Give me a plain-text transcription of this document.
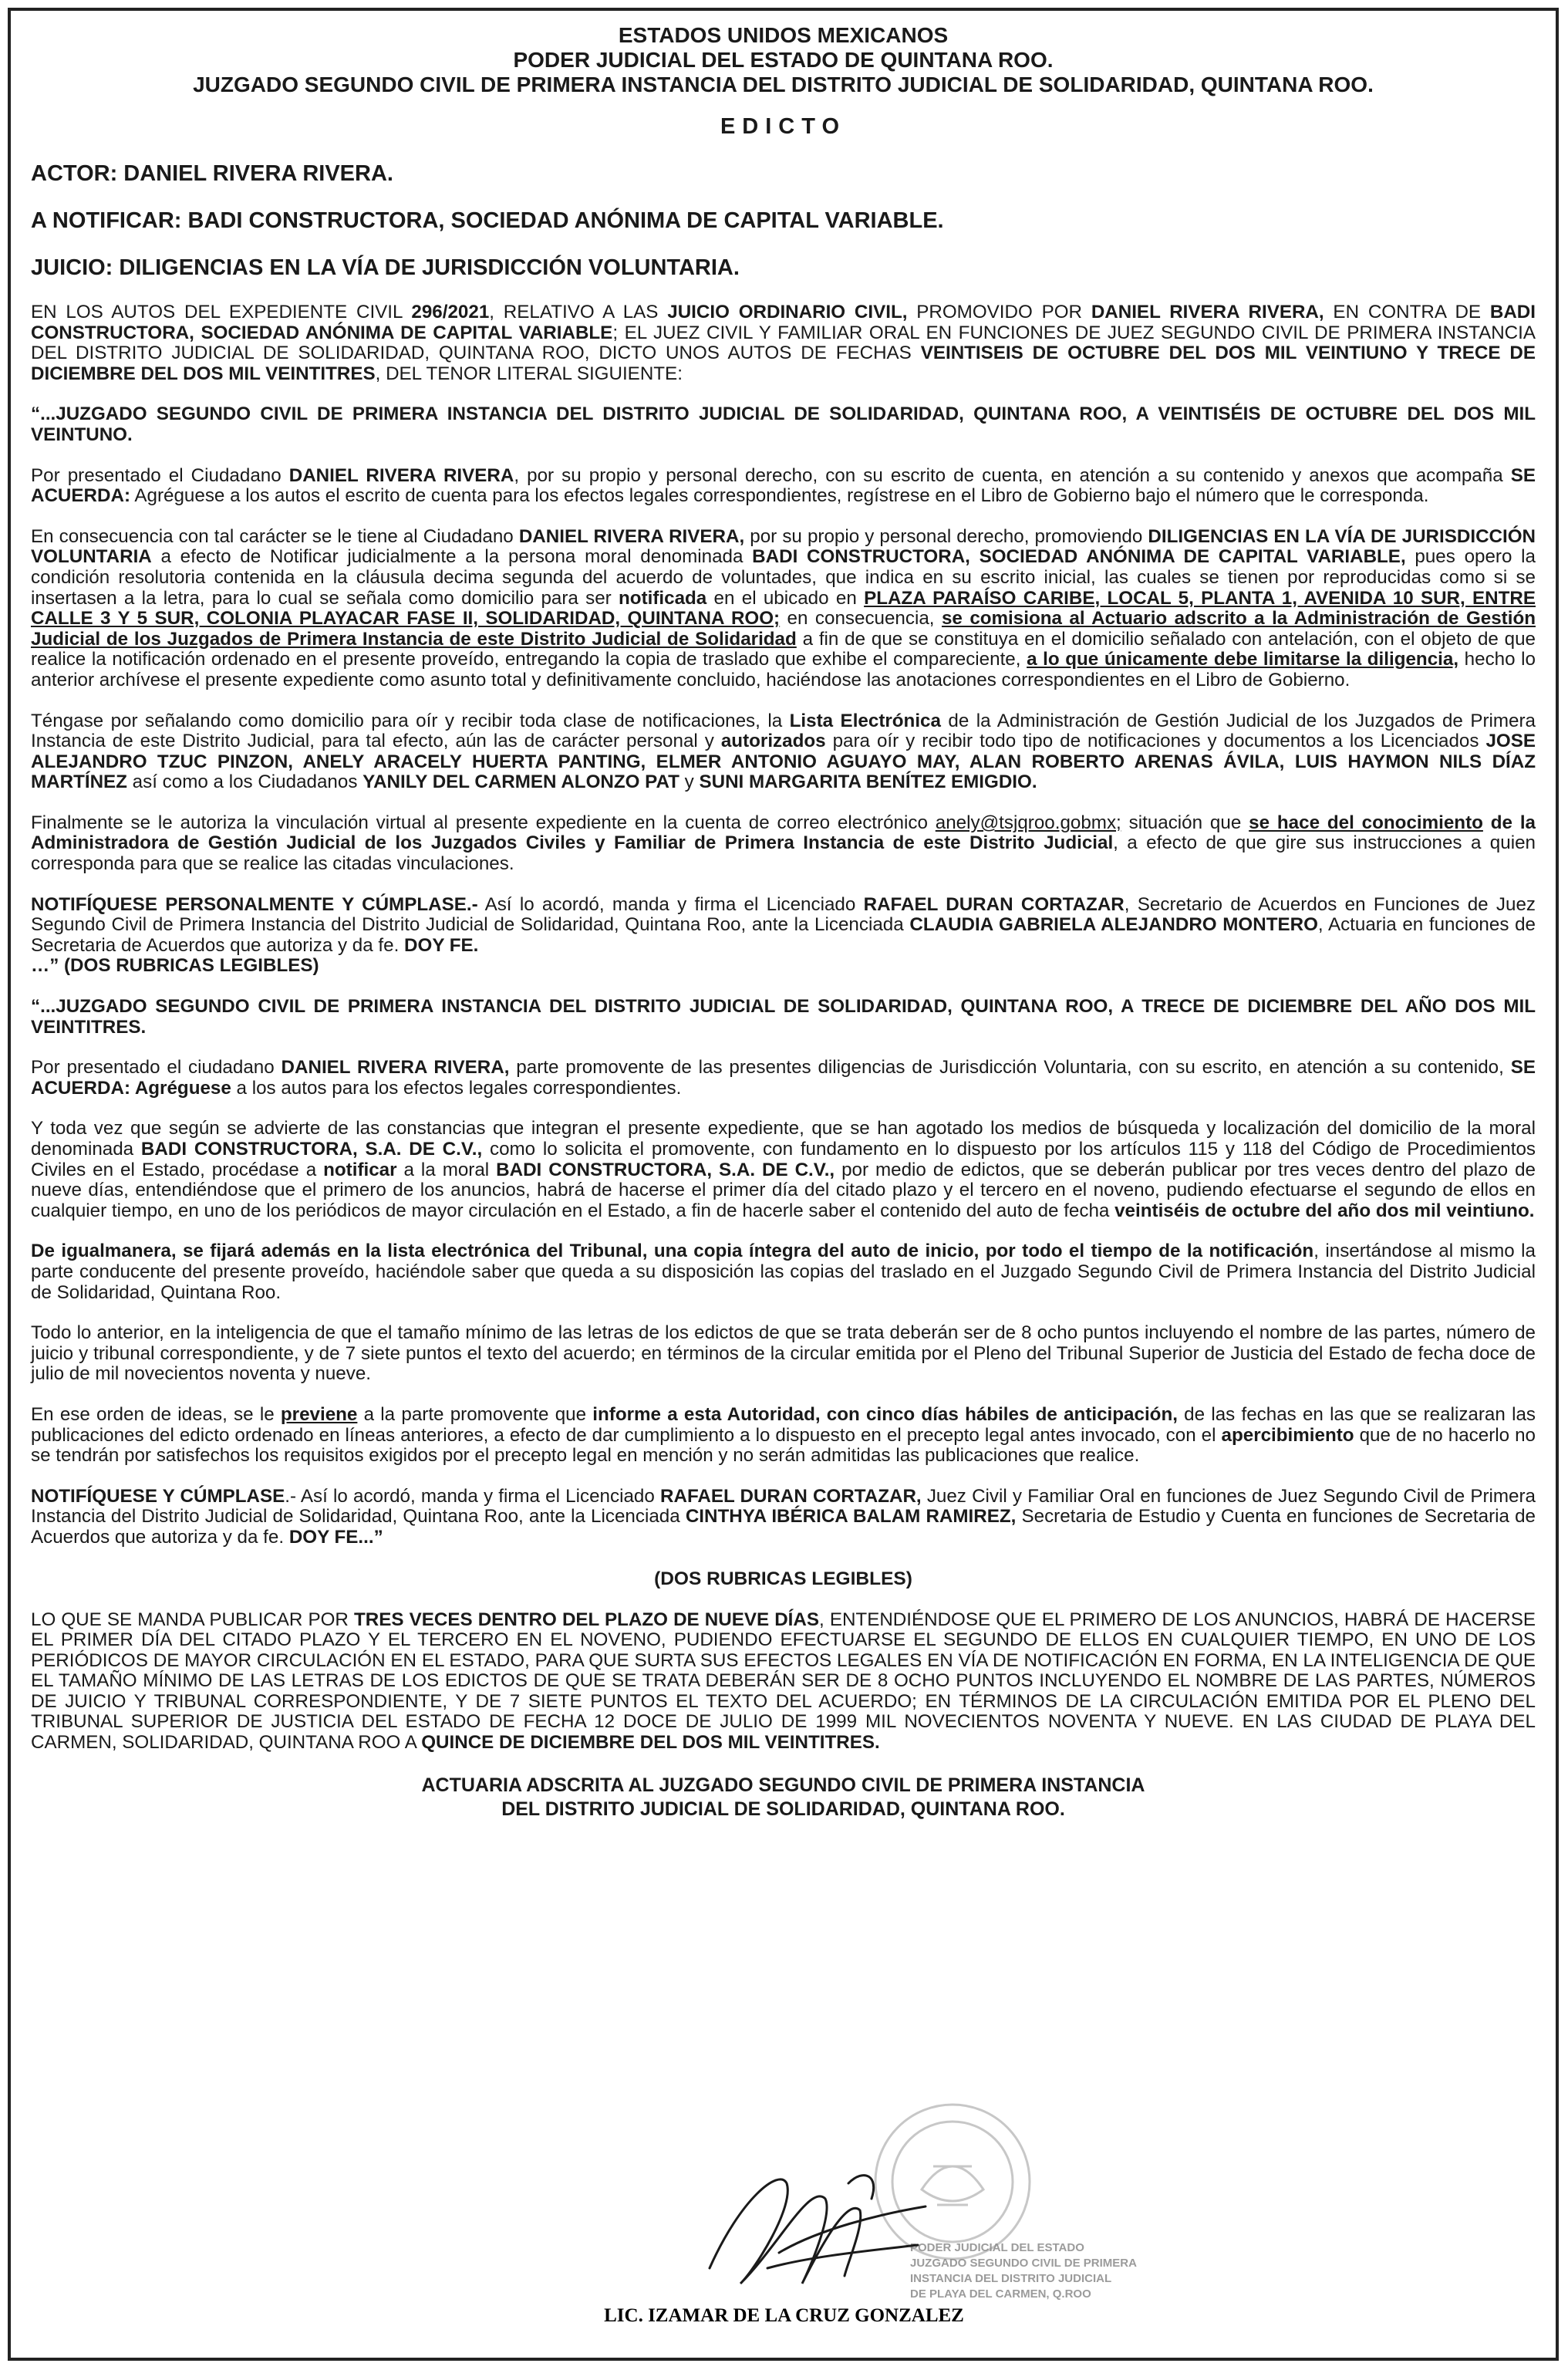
ESTADOS UNIDOS MEXICANOS
PODER JUDICIAL DEL ESTADO DE QUINTANA ROO.
JUZGADO SEGUNDO CIVIL DE PRIMERA INSTANCIA DEL DISTRITO JUDICIAL DE SOLIDARIDAD, QUINTANA ROO.
EDICTO

ACTOR: DANIEL RIVERA RIVERA.

A NOTIFICAR: BADI CONSTRUCTORA, SOCIEDAD ANÓNIMA DE CAPITAL VARIABLE.

JUICIO: DILIGENCIAS EN LA VÍA DE JURISDICCIÓN VOLUNTARIA.

EN LOS AUTOS DEL EXPEDIENTE CIVIL 296/2021, RELATIVO A LAS JUICIO ORDINARIO CIVIL, PROMOVIDO POR DANIEL RIVERA RIVERA, EN CONTRA DE BADI CONSTRUCTORA, SOCIEDAD ANÓNIMA DE CAPITAL VARIABLE; EL JUEZ CIVIL Y FAMILIAR ORAL EN FUNCIONES DE JUEZ SEGUNDO CIVIL DE PRIMERA INSTANCIA DEL DISTRITO JUDICIAL DE SOLIDARIDAD, QUINTANA ROO, DICTO UNOS AUTOS DE FECHAS VEINTISEIS DE OCTUBRE DEL DOS MIL VEINTIUNO Y TRECE DE DICIEMBRE DEL DOS MIL VEINTITRES, DEL TENOR LITERAL SIGUIENTE:

“...JUZGADO SEGUNDO CIVIL DE PRIMERA INSTANCIA DEL DISTRITO JUDICIAL DE SOLIDARIDAD, QUINTANA ROO, A VEINTISÉIS DE OCTUBRE DEL DOS MIL VEINTUNO.

Por presentado el Ciudadano DANIEL RIVERA RIVERA, por su propio y personal derecho, con su escrito de cuenta, en atención a su contenido y anexos que acompaña SE ACUERDA: Agréguese a los autos el escrito de cuenta para los efectos legales correspondientes, regístrese en el Libro de Gobierno bajo el número que le corresponda.

En consecuencia con tal carácter se le tiene al Ciudadano DANIEL RIVERA RIVERA, por su propio y personal derecho, promoviendo DILIGENCIAS EN LA VÍA DE JURISDICCIÓN VOLUNTARIA a efecto de Notificar judicialmente a la persona moral denominada BADI CONSTRUCTORA, SOCIEDAD ANÓNIMA DE CAPITAL VARIABLE, pues opero la condición resolutoria contenida en la cláusula decima segunda del acuerdo de voluntades, que indica en su escrito inicial, las cuales se tienen por reproducidas como si se insertasen a la letra, para lo cual se señala como domicilio para ser notificada en el ubicado en PLAZA PARAÍSO CARIBE, LOCAL 5, PLANTA 1, AVENIDA 10 SUR, ENTRE CALLE 3 Y 5 SUR, COLONIA PLAYACAR FASE II, SOLIDARIDAD, QUINTANA ROO; en consecuencia, se comisiona al Actuario adscrito a la Administración de Gestión Judicial de los Juzgados de Primera Instancia de este Distrito Judicial de Solidaridad a fin de que se constituya en el domicilio señalado con antelación, con el objeto de que realice la notificación ordenado en el presente proveído, entregando la copia de traslado que exhibe el compareciente, a lo que únicamente debe limitarse la diligencia, hecho lo anterior archívese el presente expediente como asunto total y definitivamente concluido, haciéndose las anotaciones correspondientes en el Libro de Gobierno.

Téngase por señalando como domicilio para oír y recibir toda clase de notificaciones, la Lista Electrónica de la Administración de Gestión Judicial de los Juzgados de Primera Instancia de este Distrito Judicial, para tal efecto, aún las de carácter personal y autorizados para oír y recibir todo tipo de notificaciones y documentos a los Licenciados JOSE ALEJANDRO TZUC PINZON, ANELY ARACELY HUERTA PANTING, ELMER ANTONIO AGUAYO MAY, ALAN ROBERTO ARENAS ÁVILA, LUIS HAYMON NILS DÍAZ MARTÍNEZ así como a los Ciudadanos YANILY DEL CARMEN ALONZO PAT y SUNI MARGARITA BENÍTEZ EMIGDIO.

Finalmente se le autoriza la vinculación virtual al presente expediente en la cuenta de correo electrónico anely@tsjqroo.gobmx; situación que se hace del conocimiento de la Administradora de Gestión Judicial de los Juzgados Civiles y Familiar de Primera Instancia de este Distrito Judicial, a efecto de que gire sus instrucciones a quien corresponda para que se realice las citadas vinculaciones.

NOTIFÍQUESE PERSONALMENTE Y CÚMPLASE.- Así lo acordó, manda y firma el Licenciado RAFAEL DURAN CORTAZAR, Secretario de Acuerdos en Funciones de Juez Segundo Civil de Primera Instancia del Distrito Judicial de Solidaridad, Quintana Roo, ante la Licenciada CLAUDIA GABRIELA ALEJANDRO MONTERO, Actuaria en funciones de Secretaria de Acuerdos que autoriza y da fe. DOY FE.
…” (DOS RUBRICAS LEGIBLES)

“...JUZGADO SEGUNDO CIVIL DE PRIMERA INSTANCIA DEL DISTRITO JUDICIAL DE SOLIDARIDAD, QUINTANA ROO, A TRECE DE DICIEMBRE DEL AÑO DOS MIL VEINTITRES.

Por presentado el ciudadano DANIEL RIVERA RIVERA, parte promovente de las presentes diligencias de Jurisdicción Voluntaria, con su escrito, en atención a su contenido, SE ACUERDA: Agréguese a los autos para los efectos legales correspondientes.

Y toda vez que según se advierte de las constancias que integran el presente expediente, que se han agotado los medios de búsqueda y localización del domicilio de la moral denominada BADI CONSTRUCTORA, S.A. DE C.V., como lo solicita el promovente, con fundamento en lo dispuesto por los artículos 115 y 118 del Código de Procedimientos Civiles en el Estado, procédase a notificar a la moral BADI CONSTRUCTORA, S.A. DE C.V., por medio de edictos, que se deberán publicar por tres veces dentro del plazo de nueve días, entendiéndose que el primero de los anuncios, habrá de hacerse el primer día del citado plazo y el tercero en el noveno, pudiendo efectuarse el segundo de ellos en cualquier tiempo, en uno de los periódicos de mayor circulación en el Estado, a fin de hacerle saber el contenido del auto de fecha veintiséis de octubre del año dos mil veintiuno.

De igualmanera, se fijará además en la lista electrónica del Tribunal, una copia íntegra del auto de inicio, por todo el tiempo de la notificación, insertándose al mismo la parte conducente del presente proveído, haciéndole saber que queda a su disposición las copias del traslado en el Juzgado Segundo Civil de Primera Instancia del Distrito Judicial de Solidaridad, Quintana Roo.

Todo lo anterior, en la inteligencia de que el tamaño mínimo de las letras de los edictos de que se trata deberán ser de 8 ocho puntos incluyendo el nombre de las partes, número de juicio y tribunal correspondiente, y de 7 siete puntos el texto del acuerdo; en términos de la circular emitida por el Pleno del Tribunal Superior de Justicia del Estado de fecha doce de julio de mil novecientos noventa y nueve.

En ese orden de ideas, se le previene a la parte promovente que informe a esta Autoridad, con cinco días hábiles de anticipación, de las fechas en las que se realizaran las publicaciones del edicto ordenado en líneas anteriores, a efecto de dar cumplimiento a lo dispuesto en el precepto legal antes invocado, con el apercibimiento que de no hacerlo no se tendrán por satisfechos los requisitos exigidos por el precepto legal en mención y no serán admitidas las publicaciones que realice.

NOTIFÍQUESE Y CÚMPLASE.- Así lo acordó, manda y firma el Licenciado RAFAEL DURAN CORTAZAR, Juez Civil y Familiar Oral en funciones de Juez Segundo Civil de Primera Instancia del Distrito Judicial de Solidaridad, Quintana Roo, ante la Licenciada CINTHYA IBÉRICA BALAM RAMIREZ, Secretaria de Estudio y Cuenta en funciones de Secretaria de Acuerdos que autoriza y da fe. DOY FE...”

(DOS RUBRICAS LEGIBLES)

LO QUE SE MANDA PUBLICAR POR TRES VECES DENTRO DEL PLAZO DE NUEVE DÍAS, ENTENDIÉNDOSE QUE EL PRIMERO DE LOS ANUNCIOS, HABRÁ DE HACERSE EL PRIMER DÍA DEL CITADO PLAZO Y EL TERCERO EN EL NOVENO, PUDIENDO EFECTUARSE EL SEGUNDO DE ELLOS EN CUALQUIER TIEMPO, EN UNO DE LOS PERIÓDICOS DE MAYOR CIRCULACIÓN EN EL ESTADO, PARA QUE SURTA SUS EFECTOS LEGALES EN VÍA DE NOTIFICACIÓN EN FORMA, EN LA INTELIGENCIA DE QUE EL TAMAÑO MÍNIMO DE LAS LETRAS DE LOS EDICTOS DE QUE SE TRATA DEBERÁN SER DE 8 OCHO PUNTOS INCLUYENDO EL NOMBRE DE LAS PARTES, NÚMEROS DE JUICIO Y TRIBUNAL CORRESPONDIENTE, Y DE 7 SIETE PUNTOS EL TEXTO DEL ACUERDO; EN TÉRMINOS DE LA CIRCULACIÓN EMITIDA POR EL PLENO DEL TRIBUNAL SUPERIOR DE JUSTICIA DEL ESTADO DE FECHA 12 DOCE DE JULIO DE 1999 MIL NOVECIENTOS NOVENTA Y NUEVE. EN LAS CIUDAD DE PLAYA DEL CARMEN, SOLIDARIDAD, QUINTANA ROO A QUINCE DE DICIEMBRE DEL DOS MIL VEINTITRES.

ACTUARIA ADSCRITA AL JUZGADO SEGUNDO CIVIL DE PRIMERA INSTANCIA
DEL DISTRITO JUDICIAL DE SOLIDARIDAD, QUINTANA ROO.
PODER JUDICIAL DEL ESTADO
JUZGADO SEGUNDO CIVIL DE PRIMERA
INSTANCIA DEL DISTRITO JUDICIAL
DE PLAYA DEL CARMEN, Q.ROO
LIC. IZAMAR DE LA CRUZ GONZALEZ
